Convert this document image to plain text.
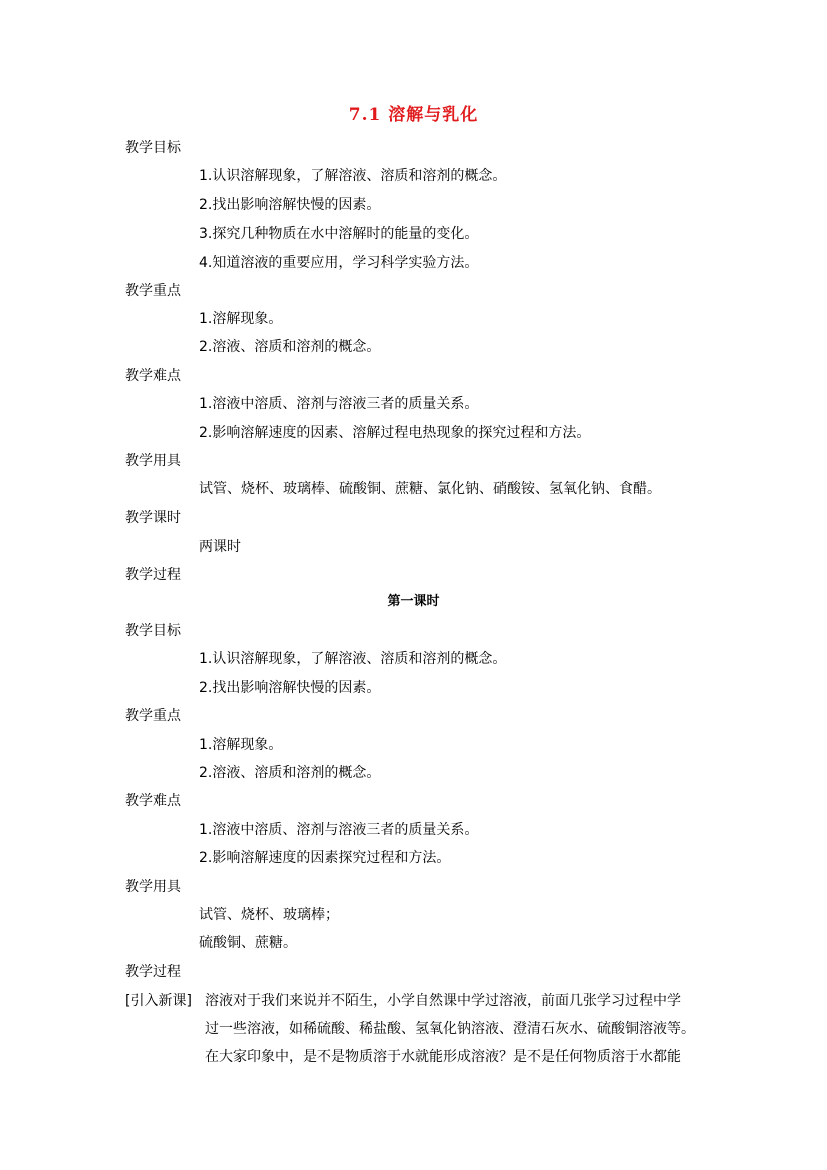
7.1 溶解与乳化
教学目标
1.认识溶解现象，了解溶液、溶质和溶剂的概念。
2.找出影响溶解快慢的因素。
3.探究几种物质在水中溶解时的能量的变化。
4.知道溶液的重要应用，学习科学实验方法。
教学重点
1.溶解现象。
2.溶液、溶质和溶剂的概念。
教学难点
1.溶液中溶质、溶剂与溶液三者的质量关系。
2.影响溶解速度的因素、溶解过程电热现象的探究过程和方法。
教学用具
试管、烧杯、玻璃棒、硫酸铜、蔗糖、氯化钠、硝酸铵、氢氧化钠、食醋。
教学课时
两课时
教学过程
第一课时
教学目标
1.认识溶解现象，了解溶液、溶质和溶剂的概念。
2.找出影响溶解快慢的因素。
教学重点
1.溶解现象。
2.溶液、溶质和溶剂的概念。
教学难点
1.溶液中溶质、溶剂与溶液三者的质量关系。
2.影响溶解速度的因素探究过程和方法。
教学用具
试管、烧杯、玻璃棒；
硫酸铜、蔗糖。
教学过程
[引入新课] 溶液对于我们来说并不陌生，小学自然课中学过溶液，前面几张学习过程中学
过一些溶液，如稀硫酸、稀盐酸、氢氧化钠溶液、澄清石灰水、硫酸铜溶液等。
在大家印象中，是不是物质溶于水就能形成溶液？是不是任何物质溶于水都能
